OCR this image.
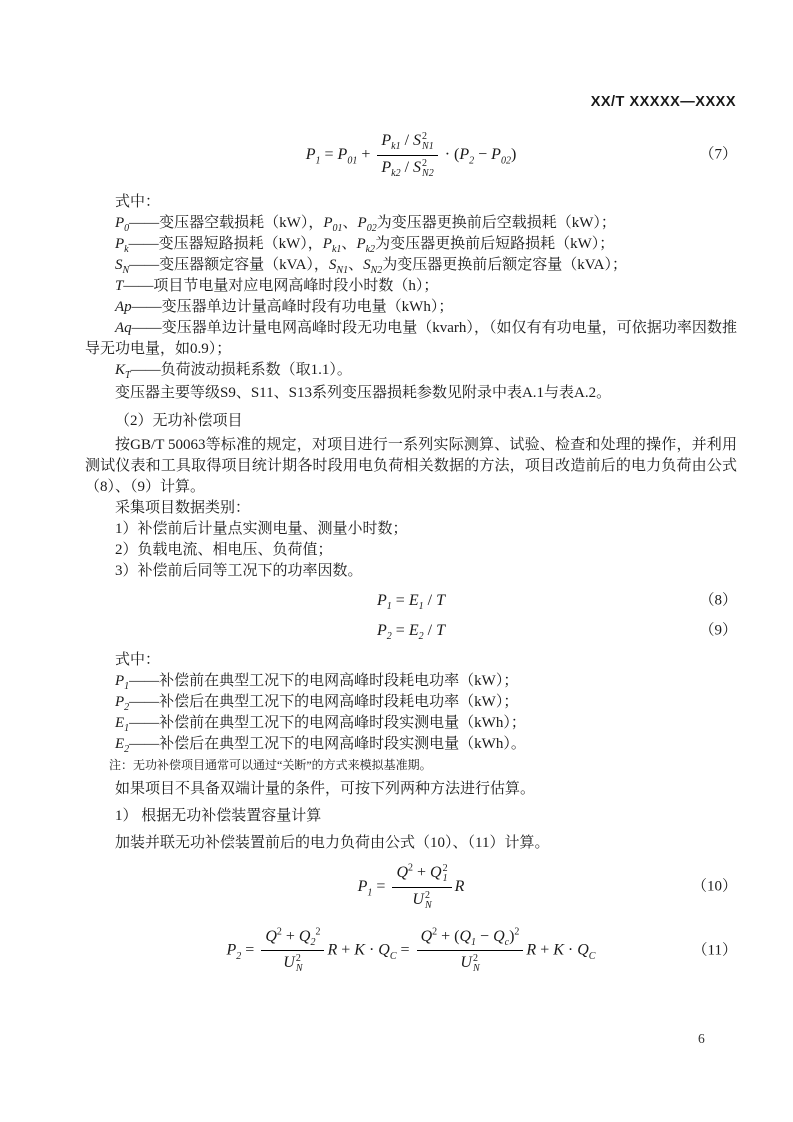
XX/T XXXXX—XXXX
$P_1 = P_{01} + P_{k1} / S$ 2
N1
$P_{k2}$ / S 2
$N2 \cdot (P_2 - P_{02})$	（7）

式中：

$P_0——$变压器空载损耗（kW），$P_{01}$、$P_{02}$为变压器更换前后空载损耗（kW）；

$P_k——$变压器短路损耗（kW），$P_{k1}$、$P_{k2}$为变压器更换前后短路损耗（kW）；

$S_N——$变压器额定容量（kVA），$S_{N1}$、$S_{N2}$为变压器更换前后额定容量（kVA）；

T——项目节电量对应电网高峰时段小时数（h）；

Ap——变压器单边计量高峰时段有功电量（kWh）；

Aq——变压器单边计量电网高峰时段无功电量（kvarh），（如仅有有功电量，可依据功率因数推导无功电量，如0.9）；

$K_T——$负荷波动损耗系数（取1.1）。

变压器主要等级S9、S11、S13系列变压器损耗参数见附录中表A.1与表A.2。

（2）无功补偿项目

按GB/T 50063等标准的规定，对项目进行一系列实际测算、试验、检查和处理的操作，并利用测试仪表和工具取得项目统计期各时段用电负荷相关数据的方法，项目改造前后的电力负荷由公式（8）、（9）计算。

采集项目数据类别：

1）补偿前后计量点实测电量、测量小时数；

2）负载电流、相电压、负荷值；

3）补偿前后同等工况下的功率因数。

$P_1 = E_1 / T$	（8）
$P_2 = E_2 / T$	（9）

式中：

$P_1——$补偿前在典型工况下的电网高峰时段耗电功率（kW）；

$P_2——$补偿后在典型工况下的电网高峰时段耗电功率（kW）；

$E_1——$补偿前在典型工况下的电网高峰时段实测电量（kWh）；

$E_2——$补偿后在典型工况下的电网高峰时段实测电量（kWh）。

注：无功补偿项目通常可以通过“关断”的方式来模拟基准期。

如果项目不具备双端计量的条件，可按下列两种方法进行估算。

1） 根据无功补偿装置容量计算

加装并联无功补偿装置前后的电力负荷由公式（10）、（11）计算。

$P_1 = Q^2 + Q$ 2
1
U 2
N R	（10）
$P_2 = Q^2 + Q_2^2$
U 2
N $R + K \cdot Q_C = Q^2 + (Q_1 - Q_c)^2$
U 2
N $R + K \cdot Q_C$	（11）
6
